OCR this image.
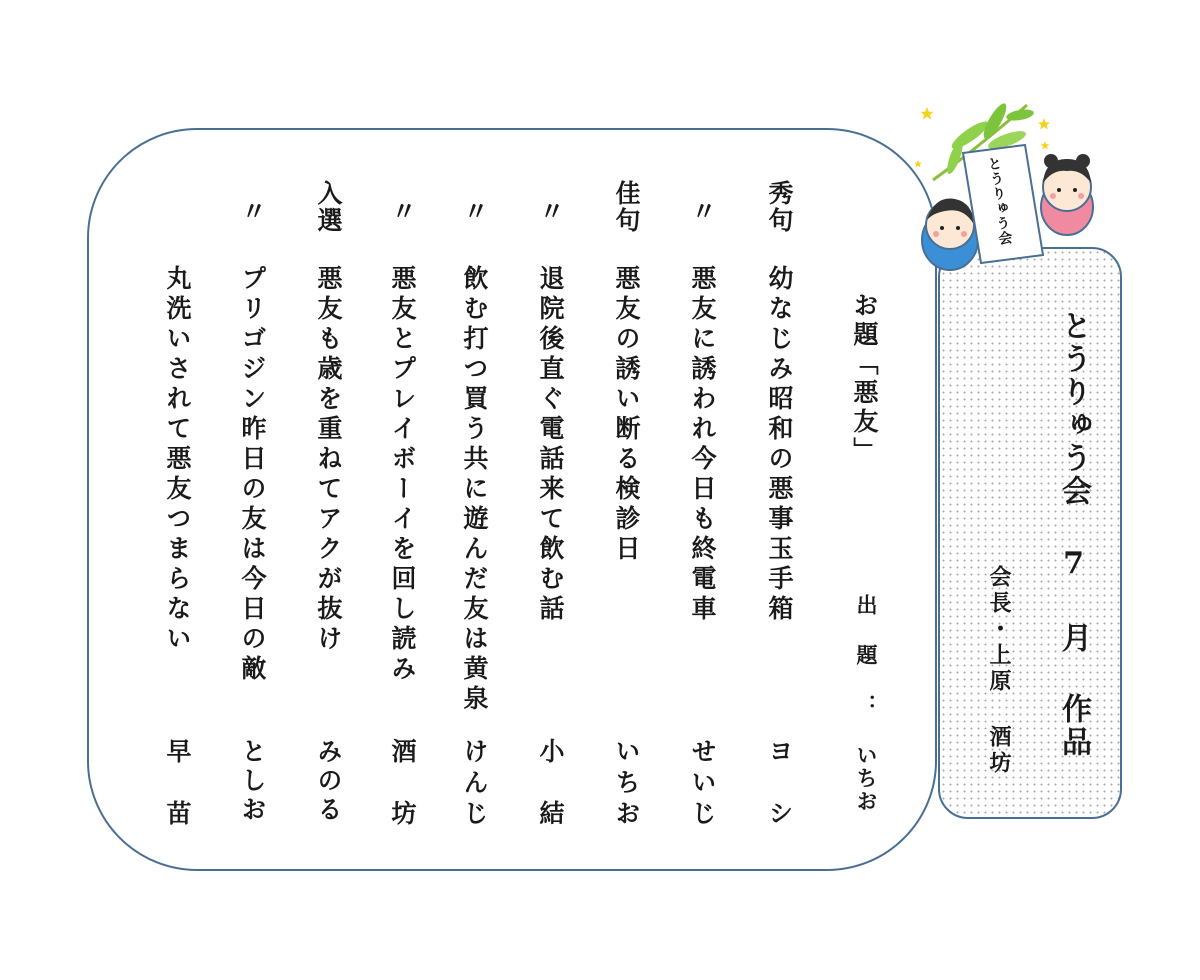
とうりゅう会 7 月 作品
会長・上原 酒坊
お題「悪友」
出 題 ： いちお
秀句
幼なじみ昭和の悪事玉手箱
ヨ　シ
〃
悪友に誘われ今日も終電車
せいじ
佳句
悪友の誘い断る検診日
いちお
〃
退院後直ぐ電話来て飲む話
小　結
〃
飲む打つ買う共に遊んだ友は黄泉
けんじ
〃
悪友とプレイボーイを回し読み
酒　坊
入選
悪友も歳を重ねてアクが抜け
みのる
〃
プリゴジン昨日の友は今日の敵
としお
丸洗いされて悪友つまらない
早　苗
とうりゅう会
